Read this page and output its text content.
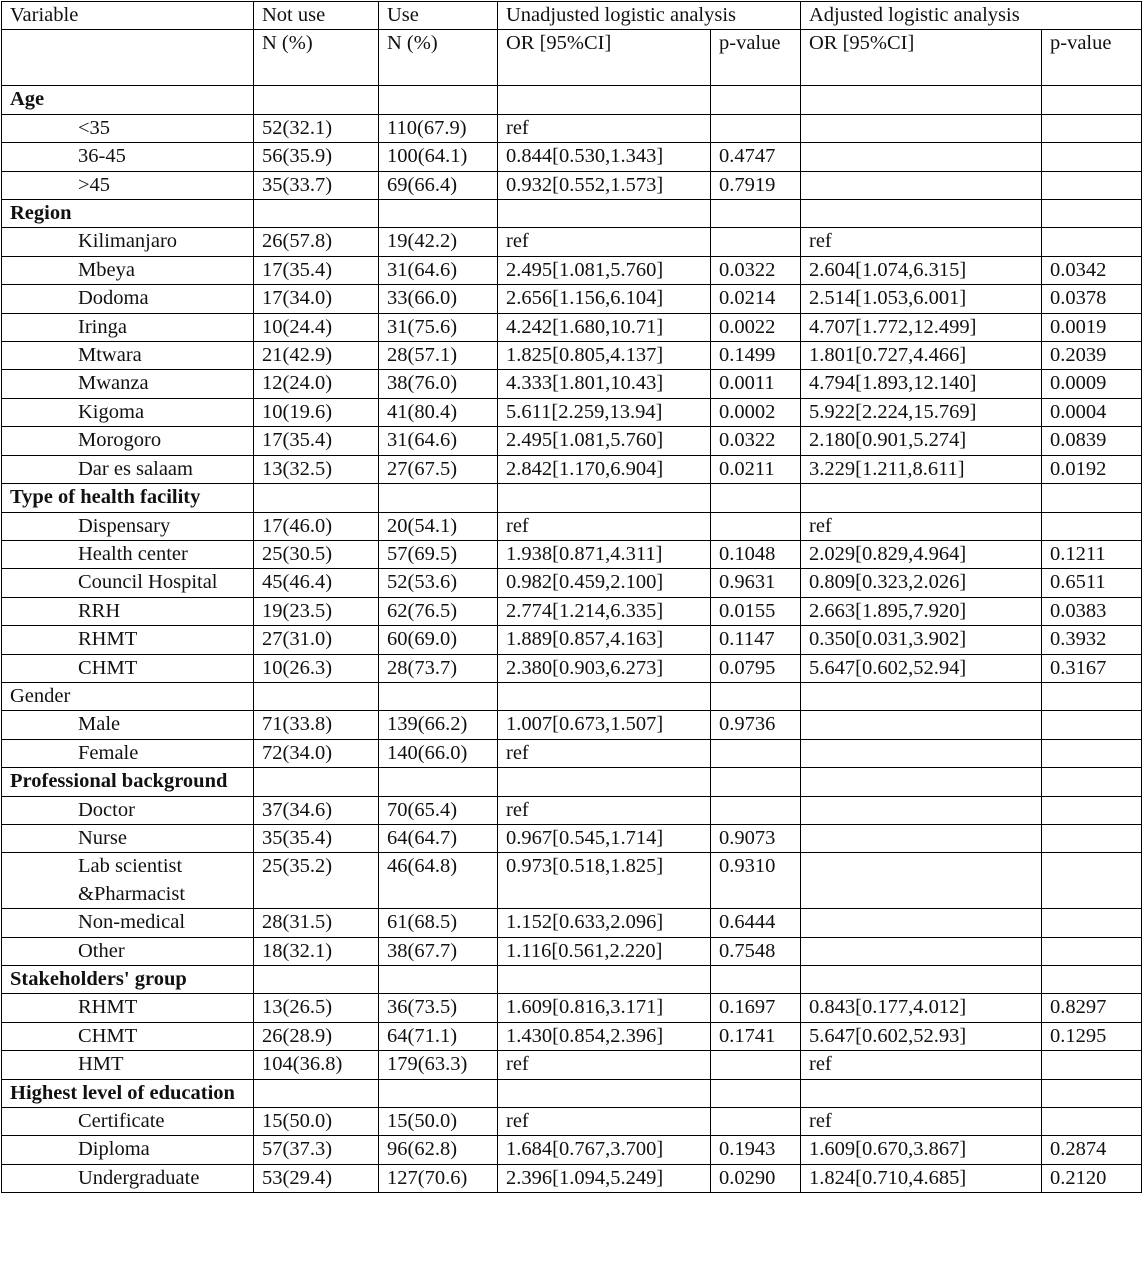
Variable	Not use	Use	Unadjusted logistic analysis		Adjusted logistic analysis	
	N (%)	N (%)	OR [95%CI]	p-value	OR [95%CI]	p-value
Age						
<35	52(32.1)	110(67.9)	ref			
36-45	56(35.9)	100(64.1)	0.844[0.530,1.343]	0.4747		
>45	35(33.7)	69(66.4)	0.932[0.552,1.573]	0.7919		
Region						
Kilimanjaro	26(57.8)	19(42.2)	ref		ref	
Mbeya	17(35.4)	31(64.6)	2.495[1.081,5.760]	0.0322	2.604[1.074,6.315]	0.0342
Dodoma	17(34.0)	33(66.0)	2.656[1.156,6.104]	0.0214	2.514[1.053,6.001]	0.0378
Iringa	10(24.4)	31(75.6)	4.242[1.680,10.71]	0.0022	4.707[1.772,12.499]	0.0019
Mtwara	21(42.9)	28(57.1)	1.825[0.805,4.137]	0.1499	1.801[0.727,4.466]	0.2039
Mwanza	12(24.0)	38(76.0)	4.333[1.801,10.43]	0.0011	4.794[1.893,12.140]	0.0009
Kigoma	10(19.6)	41(80.4)	5.611[2.259,13.94]	0.0002	5.922[2.224,15.769]	0.0004
Morogoro	17(35.4)	31(64.6)	2.495[1.081,5.760]	0.0322	2.180[0.901,5.274]	0.0839
Dar es salaam	13(32.5)	27(67.5)	2.842[1.170,6.904]	0.0211	3.229[1.211,8.611]	0.0192
Type of health facility						
Dispensary	17(46.0)	20(54.1)	ref		ref	
Health center	25(30.5)	57(69.5)	1.938[0.871,4.311]	0.1048	2.029[0.829,4.964]	0.1211
Council Hospital	45(46.4)	52(53.6)	0.982[0.459,2.100]	0.9631	0.809[0.323,2.026]	0.6511
RRH	19(23.5)	62(76.5)	2.774[1.214,6.335]	0.0155	2.663[1.895,7.920]	0.0383
RHMT	27(31.0)	60(69.0)	1.889[0.857,4.163]	0.1147	0.350[0.031,3.902]	0.3932
CHMT	10(26.3)	28(73.7)	2.380[0.903,6.273]	0.0795	5.647[0.602,52.94]	0.3167
Gender						
Male	71(33.8)	139(66.2)	1.007[0.673,1.507]	0.9736		
Female	72(34.0)	140(66.0)	ref			
Professional background						
Doctor	37(34.6)	70(65.4)	ref			
Nurse	35(35.4)	64(64.7)	0.967[0.545,1.714]	0.9073		
Lab scientist &Pharmacist	25(35.2)	46(64.8)	0.973[0.518,1.825]	0.9310		
Non-medical	28(31.5)	61(68.5)	1.152[0.633,2.096]	0.6444		
Other	18(32.1)	38(67.7)	1.116[0.561,2.220]	0.7548		
Stakeholders' group						
RHMT	13(26.5)	36(73.5)	1.609[0.816,3.171]	0.1697	0.843[0.177,4.012]	0.8297
CHMT	26(28.9)	64(71.1)	1.430[0.854,2.396]	0.1741	5.647[0.602,52.93]	0.1295
HMT	104(36.8)	179(63.3)	ref		ref	
Highest level of education						
Certificate	15(50.0)	15(50.0)	ref		ref	
Diploma	57(37.3)	96(62.8)	1.684[0.767,3.700]	0.1943	1.609[0.670,3.867]	0.2874
Undergraduate	53(29.4)	127(70.6)	2.396[1.094,5.249]	0.0290	1.824[0.710,4.685]	0.2120
